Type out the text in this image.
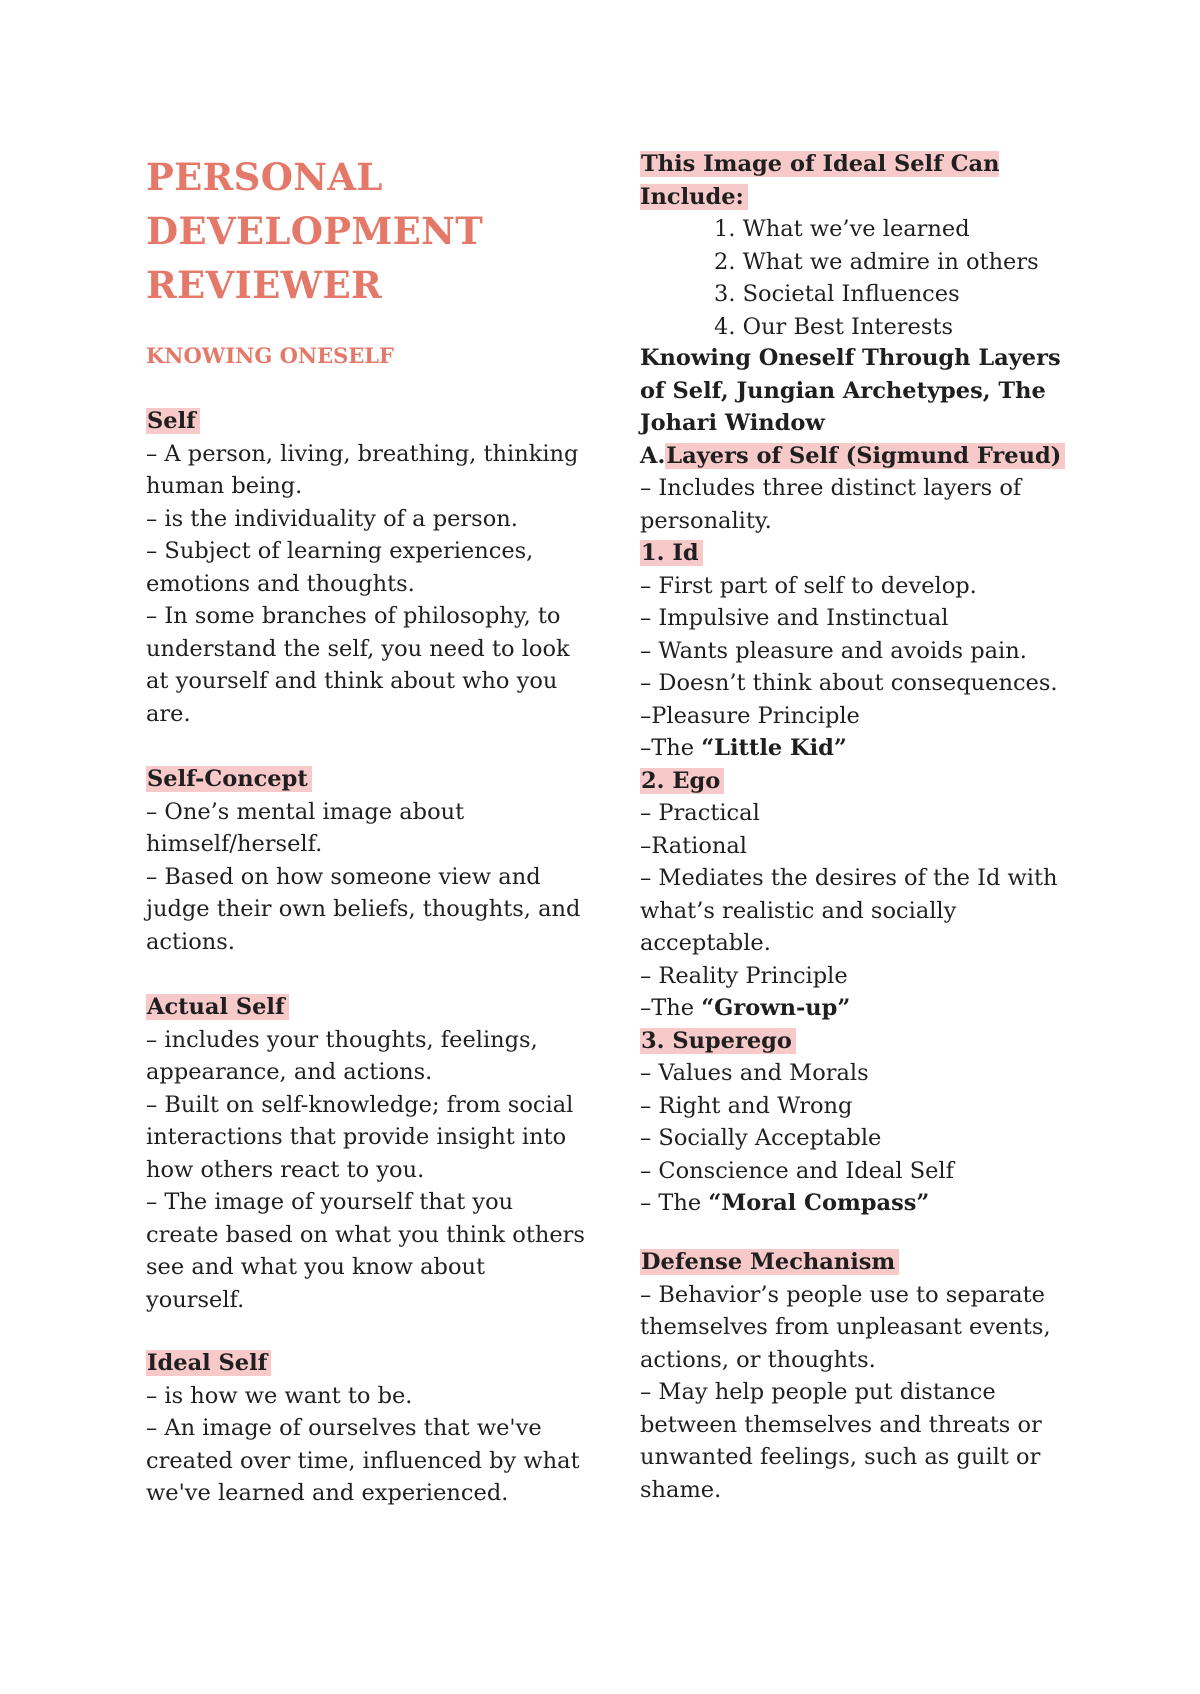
PERSONAL
DEVELOPMENT
REVIEWER
KNOWING ONESELF
Self
– A person, living, breathing, thinking human being.
– is the individuality of a person.
– Subject of learning experiences, emotions and thoughts.
– In some branches of philosophy, to understand the self, you need to look at yourself and think about who you are.
Self-Concept
– One’s mental image about himself/herself.
– Based on how someone view and judge their own beliefs, thoughts, and actions.
Actual Self
– includes your thoughts, feelings, appearance, and actions.
– Built on self-knowledge; from social interactions that provide insight into how others react to you.
– The image of yourself that you create based on what you think others see and what you know about yourself.
Ideal Self
– is how we want to be.
– An image of ourselves that we've created over time, influenced by what we've learned and experienced.
This Image of Ideal Self Can Include:
1. What we’ve learned
2. What we admire in others
3. Societal Influences
4. Our Best Interests
Knowing Oneself Through Layers of Self, Jungian Archetypes, The Johari Window
A.Layers of Self (Sigmund Freud)
– Includes three distinct layers of personality.
1. Id
– First part of self to develop.
– Impulsive and Instinctual
– Wants pleasure and avoids pain.
– Doesn’t think about consequences.
–Pleasure Principle
–The “Little Kid”
2. Ego
– Practical
–Rational
– Mediates the desires of the Id with what’s realistic and socially acceptable.
– Reality Principle
–The “Grown-up”
3. Superego
– Values and Morals
– Right and Wrong
– Socially Acceptable
– Conscience and Ideal Self
– The “Moral Compass”
Defense Mechanism
– Behavior’s people use to separate themselves from unpleasant events, actions, or thoughts.
– May help people put distance between themselves and threats or unwanted feelings, such as guilt or shame.
